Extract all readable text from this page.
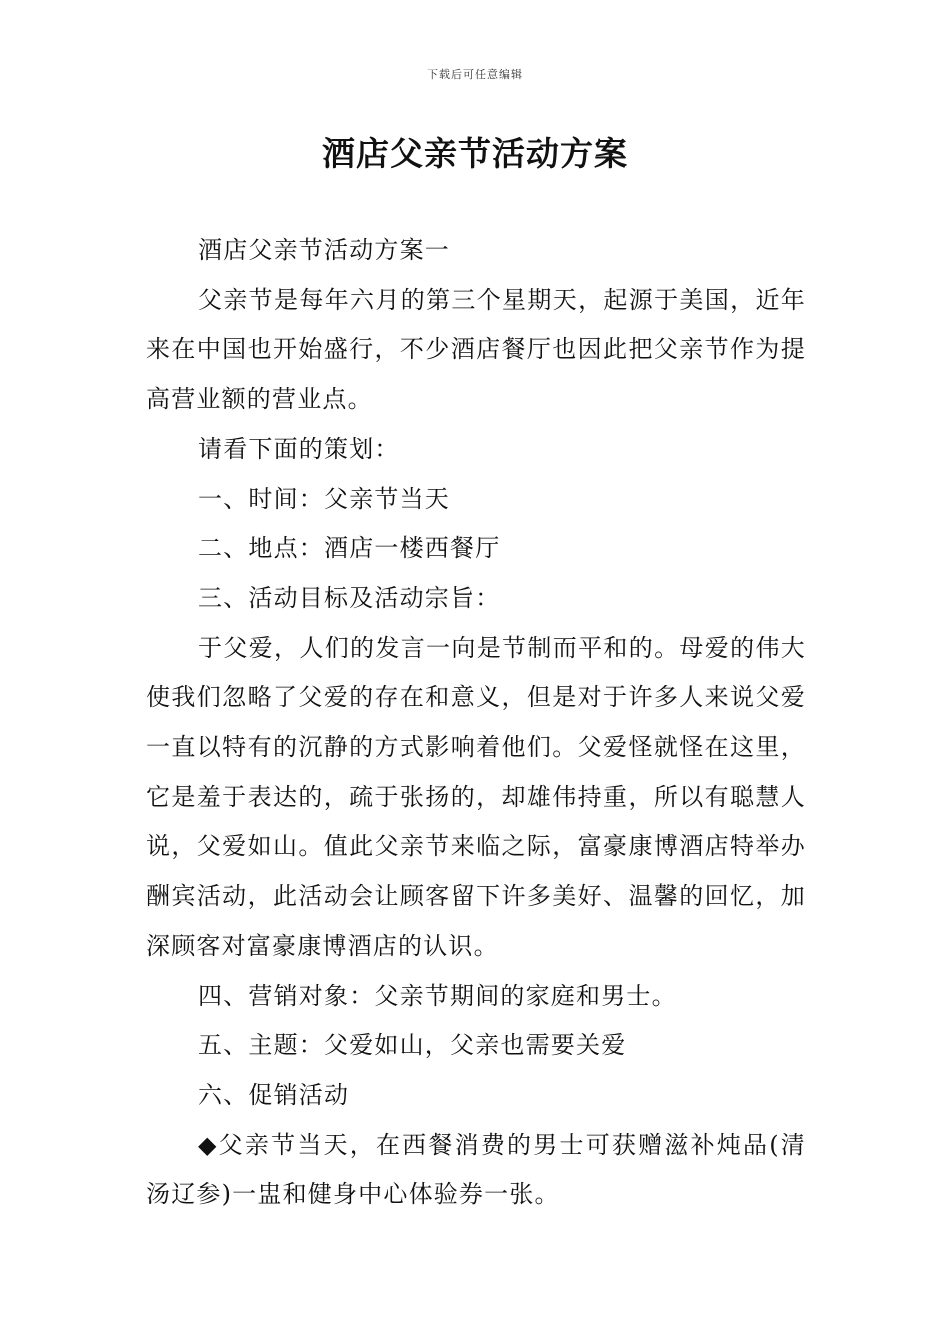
下载后可任意编辑
酒店父亲节活动方案

酒店父亲节活动方案一

父亲节是每年六月的第三个星期天，起源于美国，近年来在中国也开始盛行，不少酒店餐厅也因此把父亲节作为提高营业额的营业点。

请看下面的策划：

一、时间：父亲节当天

二、地点：酒店一楼西餐厅

三、活动目标及活动宗旨：

于父爱，人们的发言一向是节制而平和的。母爱的伟大使我们忽略了父爱的存在和意义，但是对于许多人来说父爱一直以特有的沉静的方式影响着他们。父爱怪就怪在这里，它是羞于表达的，疏于张扬的，却雄伟持重，所以有聪慧人说，父爱如山。值此父亲节来临之际，富豪康博酒店特举办酬宾活动，此活动会让顾客留下许多美好、温馨的回忆，加深顾客对富豪康博酒店的认识。

四、营销对象：父亲节期间的家庭和男士。

五、主题：父爱如山，父亲也需要关爱

六、促销活动

◆父亲节当天，在西餐消费的男士可获赠滋补炖品(清汤辽参)一盅和健身中心体验券一张。
